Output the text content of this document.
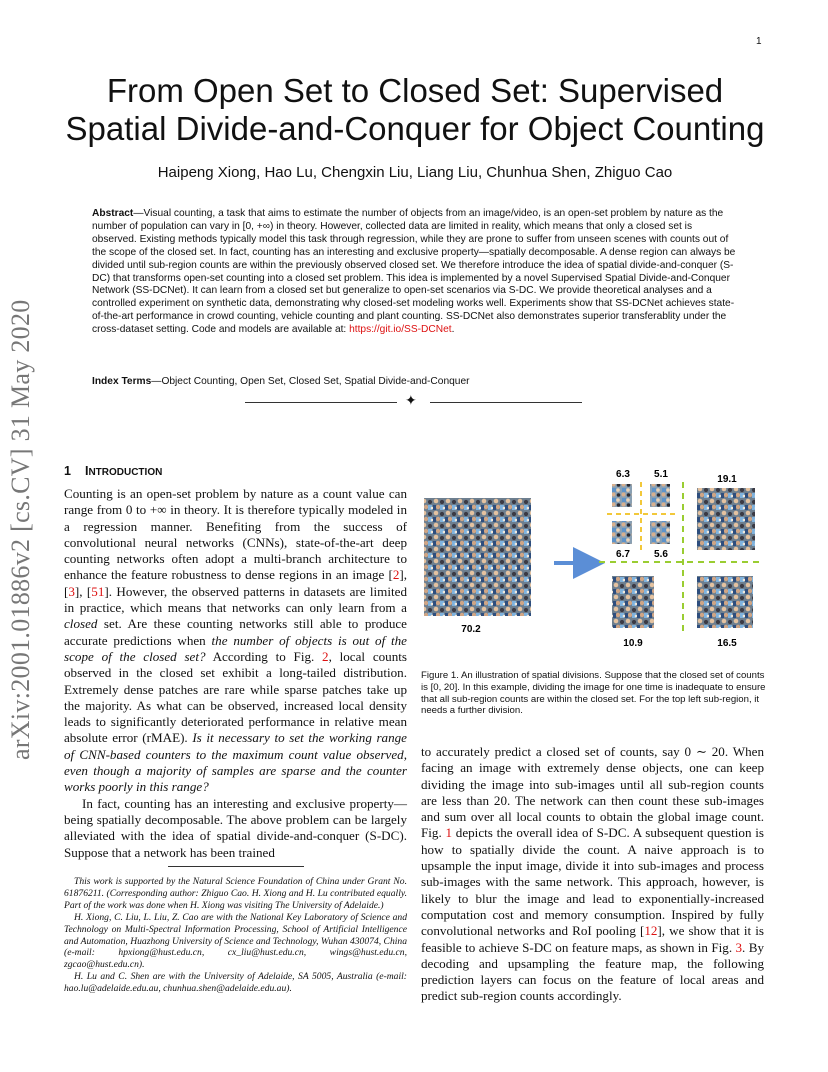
1
arXiv:2001.01886v2 [cs.CV] 31 May 2020
From Open Set to Closed Set: Supervised
Spatial Divide-and-Conquer for Object Counting
Haipeng Xiong, Hao Lu, Chengxin Liu, Liang Liu, Chunhua Shen, Zhiguo Cao
Abstract—Visual counting, a task that aims to estimate the number of objects from an image/video, is an open-set problem by nature as the number of population can vary in [0, +∞) in theory. However, collected data are limited in reality, which means that only a closed set is observed. Existing methods typically model this task through regression, while they are prone to suffer from unseen scenes with counts out of the scope of the closed set. In fact, counting has an interesting and exclusive property—spatially decomposable. A dense region can always be divided until sub-region counts are within the previously observed closed set. We therefore introduce the idea of spatial divide-and-conquer (S-DC) that transforms open-set counting into a closed set problem. This idea is implemented by a novel Supervised Spatial Divide-and-Conquer Network (SS-DCNet). It can learn from a closed set but generalize to open-set scenarios via S-DC. We provide theoretical analyses and a controlled experiment on synthetic data, demonstrating why closed-set modeling works well. Experiments show that SS-DCNet achieves state-of-the-art performance in crowd counting, vehicle counting and plant counting. SS-DCNet also demonstrates superior transferablity under the cross-dataset setting. Code and models are available at: https://git.io/SS-DCNet.
Index Terms—Object Counting, Open Set, Closed Set, Spatial Divide-and-Conquer
✦
1 INTRODUCTION

Counting is an open-set problem by nature as a count value can range from 0 to +∞ in theory. It is therefore typically modeled in a regression manner. Benefiting from the success of convolutional neural networks (CNNs), state-of-the-art deep counting networks often adopt a multi-branch architecture to enhance the feature robustness to dense regions in an image [2], [3], [51]. However, the observed patterns in datasets are limited in practice, which means that networks can only learn from a closed set. Are these counting networks still able to produce accurate predictions when the number of objects is out of the scope of the closed set? According to Fig. 2, local counts observed in the closed set exhibit a long-tailed distribution. Extremely dense patches are rare while sparse patches take up the majority. As what can be observed, increased local density leads to significantly deteriorated performance in relative mean absolute error (rMAE). Is it necessary to set the working range of CNN-based counters to the maximum count value observed, even though a majority of samples are sparse and the counter works poorly in this range?

In fact, counting has an interesting and exclusive property—being spatially decomposable. The above problem can be largely alleviated with the idea of spatial divide-and-conquer (S-DC). Suppose that a network has been trained

This work is supported by the Natural Science Foundation of China under Grant No. 61876211. (Corresponding author: Zhiguo Cao. H. Xiong and H. Lu contributed equally. Part of the work was done when H. Xiong was visiting The University of Adelaide.)

H. Xiong, C. Liu, L. Liu, Z. Cao are with the National Key Laboratory of Science and Technology on Multi-Spectral Information Processing, School of Artificial Intelligence and Automation, Huazhong University of Science and Technology, Wuhan 430074, China (e-mail: hpxiong@hust.edu.cn, cx_liu@hust.edu.cn, wings@hust.edu.cn, zgcao@hust.edu.cn).

H. Lu and C. Shen are with the University of Adelaide, SA 5005, Australia (e-mail: hao.lu@adelaide.edu.au, chunhua.shen@adelaide.edu.au).

70.2
6.3 5.1
6.7 5.6
19.1
10.9	16.5
Figure 1. An illustration of spatial divisions. Suppose that the closed set of counts is [0, 20]. In this example, dividing the image for one time is inadequate to ensure that all sub-region counts are within the closed set. For the top left sub-region, it needs a further division.

to accurately predict a closed set of counts, say 0 ∼ 20. When facing an image with extremely dense objects, one can keep dividing the image into sub-images until all sub-region counts are less than 20. The network can then count these sub-images and sum over all local counts to obtain the global image count. Fig. 1 depicts the overall idea of S-DC. A subsequent question is how to spatially divide the count. A naive approach is to upsample the input image, divide it into sub-images and process sub-images with the same network. This approach, however, is likely to blur the image and lead to exponentially-increased computation cost and memory consumption. Inspired by fully convolutional networks and RoI pooling [12], we show that it is feasible to achieve S-DC on feature maps, as shown in Fig. 3. By decoding and upsampling the feature map, the following prediction layers can focus on the feature of local areas and predict sub-region counts accordingly.
